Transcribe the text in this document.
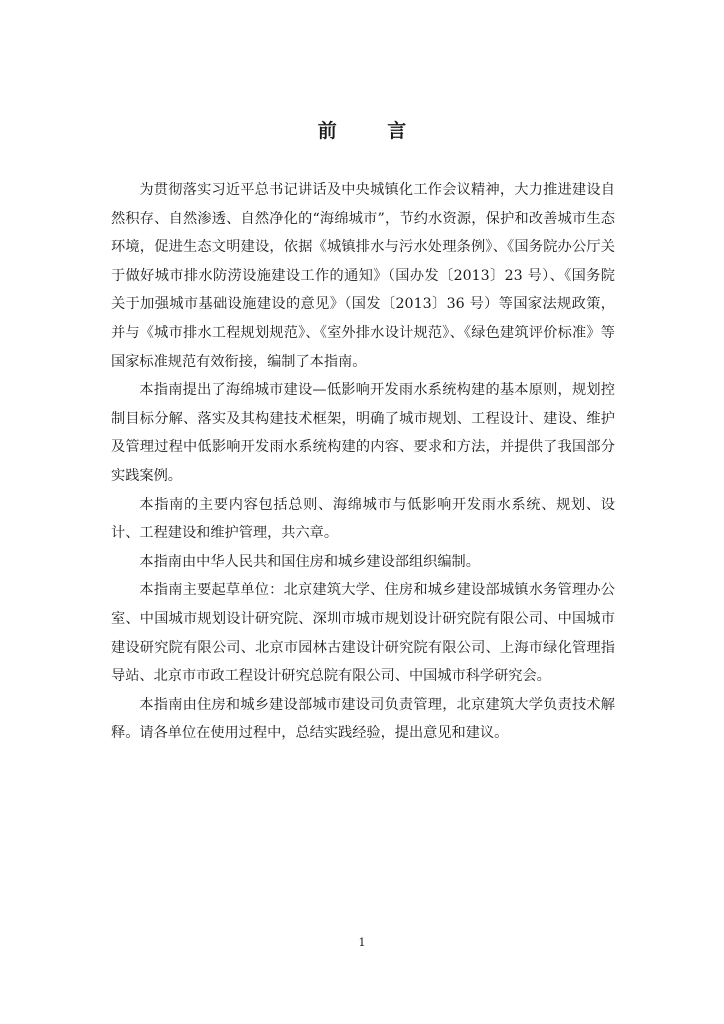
前 言

为贯彻落实习近平总书记讲话及中央城镇化工作会议精神，大力推进建设自然积存、自然渗透、自然净化的“海绵城市”，节约水资源，保护和改善城市生态环境，促进生态文明建设，依据《城镇排水与污水处理条例》、《国务院办公厅关于做好城市排水防涝设施建设工作的通知》（国办发〔2013〕23 号）、《国务院关于加强城市基础设施建设的意见》（国发〔2013〕36 号）等国家法规政策，并与《城市排水工程规划规范》、《室外排水设计规范》、《绿色建筑评价标准》等国家标准规范有效衔接，编制了本指南。

本指南提出了海绵城市建设—低影响开发雨水系统构建的基本原则，规划控制目标分解、落实及其构建技术框架，明确了城市规划、工程设计、建设、维护及管理过程中低影响开发雨水系统构建的内容、要求和方法，并提供了我国部分实践案例。

本指南的主要内容包括总则、海绵城市与低影响开发雨水系统、规划、设计、工程建设和维护管理，共六章。

本指南由中华人民共和国住房和城乡建设部组织编制。

本指南主要起草单位：北京建筑大学、住房和城乡建设部城镇水务管理办公室、中国城市规划设计研究院、深圳市城市规划设计研究院有限公司、中国城市建设研究院有限公司、北京市园林古建设计研究院有限公司、上海市绿化管理指导站、北京市市政工程设计研究总院有限公司、中国城市科学研究会。

本指南由住房和城乡建设部城市建设司负责管理，北京建筑大学负责技术解释。请各单位在使用过程中，总结实践经验，提出意见和建议。

1
